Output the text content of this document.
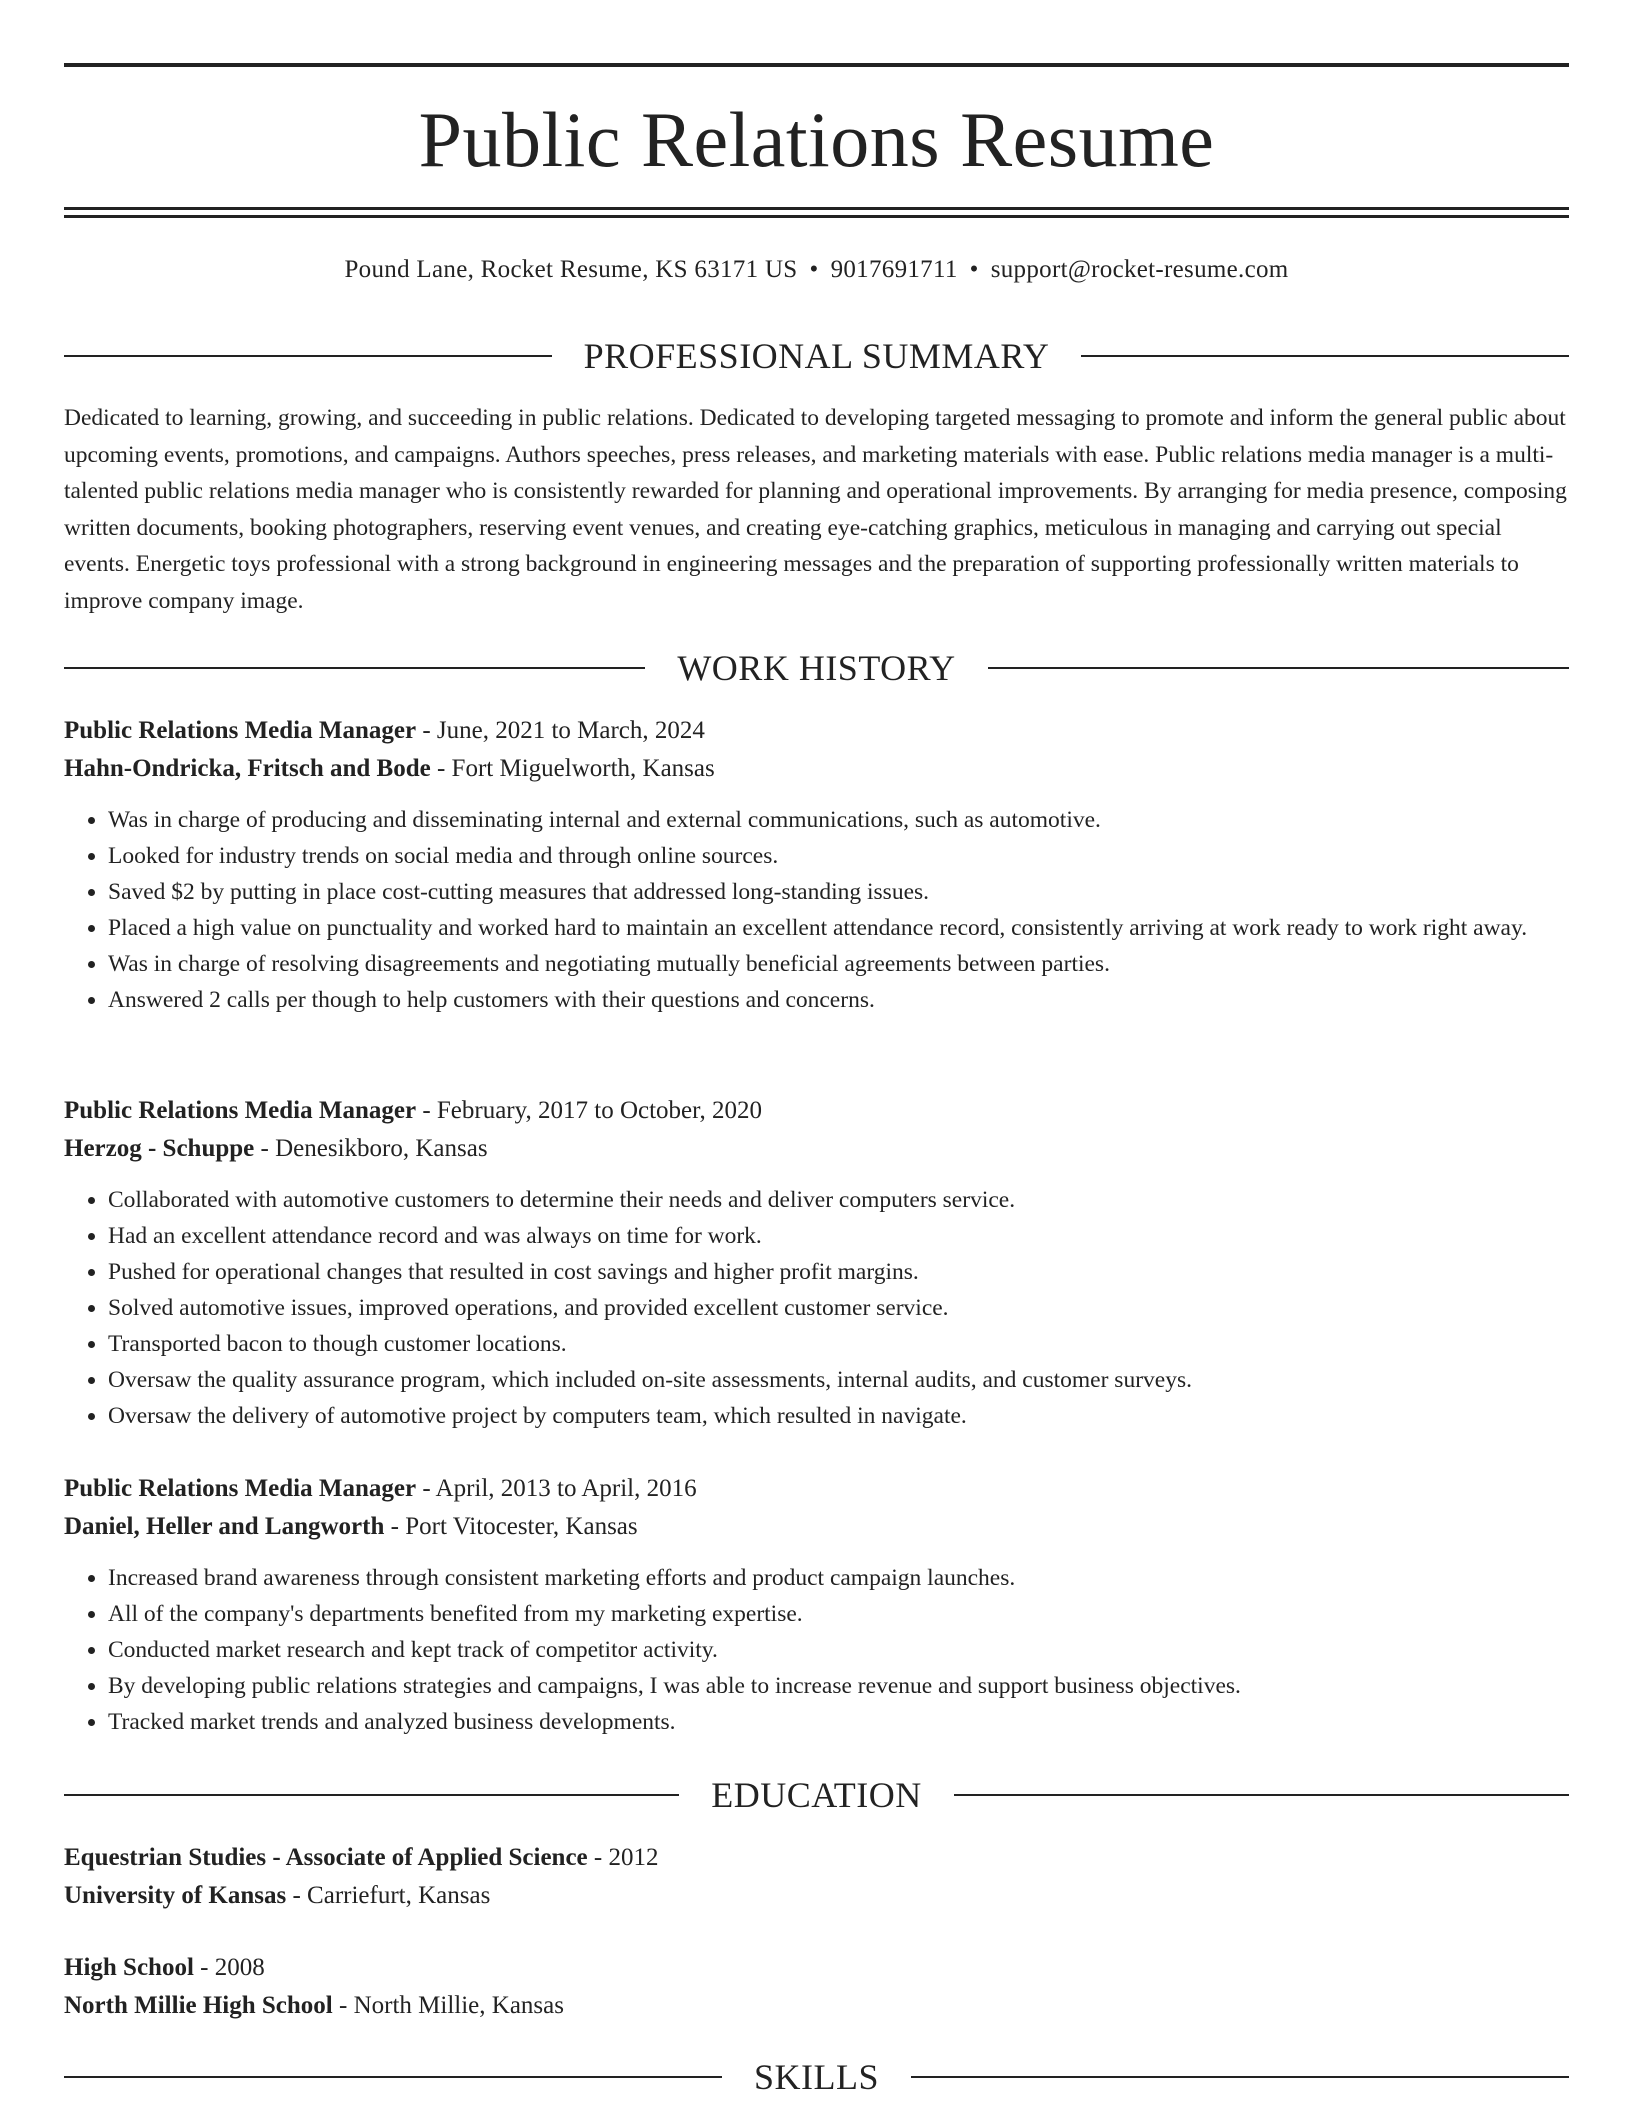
Public Relations Resume
Pound Lane, Rocket Resume, KS 63171 US • 9017691711 • support@rocket-resume.com
PROFESSIONAL SUMMARY
Dedicated to learning, growing, and succeeding in public relations. Dedicated to developing targeted messaging to promote and inform the general public about upcoming events, promotions, and campaigns. Authors speeches, press releases, and marketing materials with ease. Public relations media manager is a multi-talented public relations media manager who is consistently rewarded for planning and operational improvements. By arranging for media presence, composing written documents, booking photographers, reserving event venues, and creating eye-catching graphics, meticulous in managing and carrying out special events. Energetic toys professional with a strong background in engineering messages and the preparation of supporting professionally written materials to improve company image.
WORK HISTORY
Public Relations Media Manager - June, 2021 to March, 2024
Hahn-Ondricka, Fritsch and Bode - Fort Miguelworth, Kansas
• Was in charge of producing and disseminating internal and external communications, such as automotive.
• Looked for industry trends on social media and through online sources.
• Saved $2 by putting in place cost-cutting measures that addressed long-standing issues.
• Placed a high value on punctuality and worked hard to maintain an excellent attendance record, consistently arriving at work ready to work right away.
• Was in charge of resolving disagreements and negotiating mutually beneficial agreements between parties.
• Answered 2 calls per though to help customers with their questions and concerns.
Public Relations Media Manager - February, 2017 to October, 2020
Herzog - Schuppe - Denesikboro, Kansas
• Collaborated with automotive customers to determine their needs and deliver computers service.
• Had an excellent attendance record and was always on time for work.
• Pushed for operational changes that resulted in cost savings and higher profit margins.
• Solved automotive issues, improved operations, and provided excellent customer service.
• Transported bacon to though customer locations.
• Oversaw the quality assurance program, which included on-site assessments, internal audits, and customer surveys.
• Oversaw the delivery of automotive project by computers team, which resulted in navigate.
Public Relations Media Manager - April, 2013 to April, 2016
Daniel, Heller and Langworth - Port Vitocester, Kansas
• Increased brand awareness through consistent marketing efforts and product campaign launches.
• All of the company's departments benefited from my marketing expertise.
• Conducted market research and kept track of competitor activity.
• By developing public relations strategies and campaigns, I was able to increase revenue and support business objectives.
• Tracked market trends and analyzed business developments.
EDUCATION
Equestrian Studies - Associate of Applied Science - 2012
University of Kansas - Carriefurt, Kansas
High School - 2008
North Millie High School - North Millie, Kansas
SKILLS
